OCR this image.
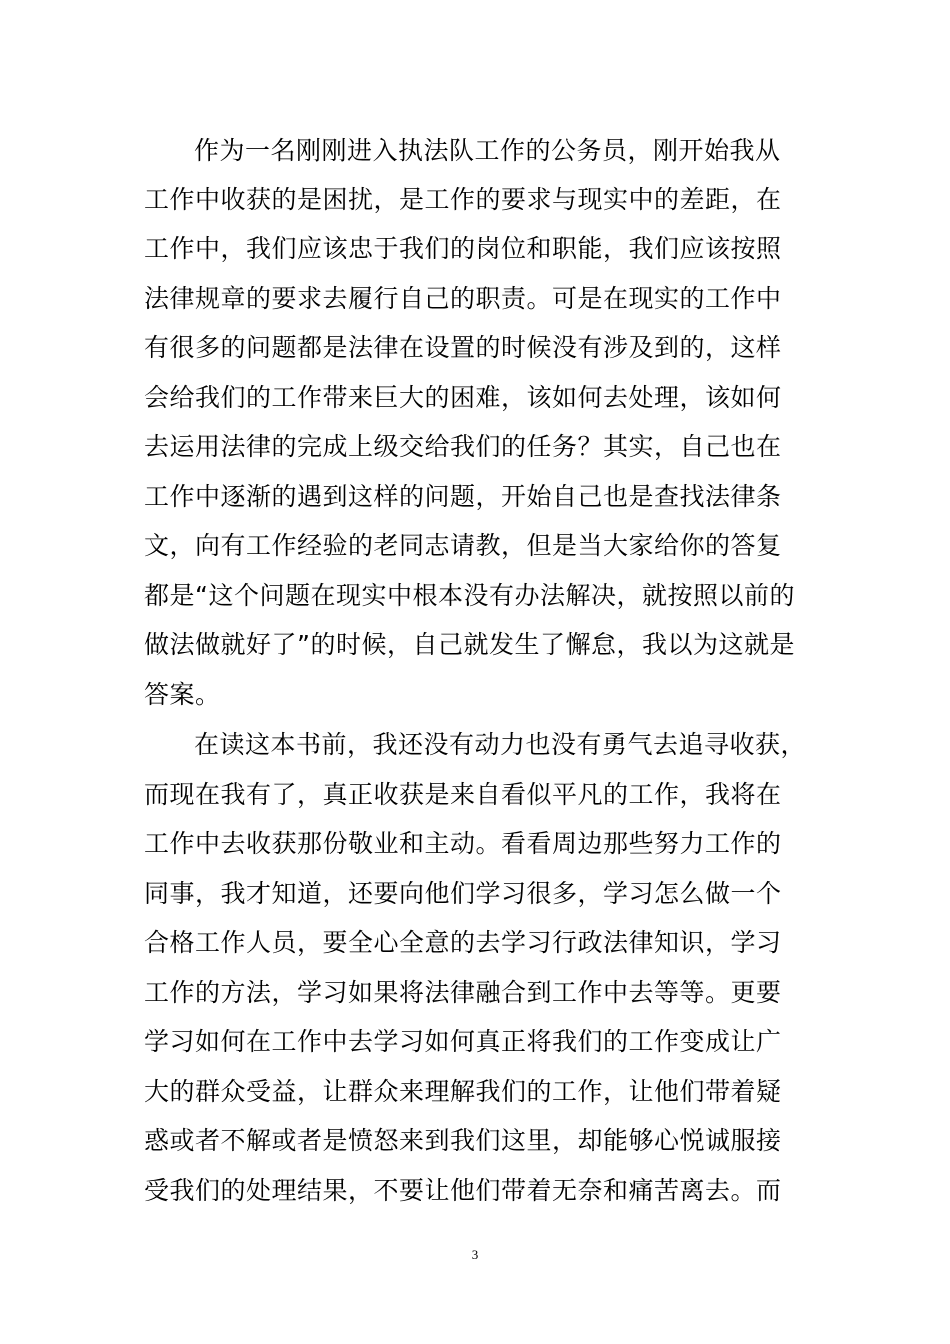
作为一名刚刚进入执法队工作的公务员，刚开始我从
工作中收获的是困扰，是工作的要求与现实中的差距，在
工作中，我们应该忠于我们的岗位和职能，我们应该按照
法律规章的要求去履行自己的职责。可是在现实的工作中
有很多的问题都是法律在设置的时候没有涉及到的，这样
会给我们的工作带来巨大的困难，该如何去处理，该如何
去运用法律的完成上级交给我们的任务？其实，自己也在
工作中逐渐的遇到这样的问题，开始自己也是查找法律条
文，向有工作经验的老同志请教，但是当大家给你的答复
都是“这个问题在现实中根本没有办法解决，就按照以前的
做法做就好了”的时候，自己就发生了懈怠，我以为这就是
答案。
在读这本书前，我还没有动力也没有勇气去追寻收获，
而现在我有了，真正收获是来自看似平凡的工作，我将在
工作中去收获那份敬业和主动。看看周边那些努力工作的
同事，我才知道，还要向他们学习很多，学习怎么做一个
合格工作人员，要全心全意的去学习行政法律知识，学习
工作的方法，学习如果将法律融合到工作中去等等。更要
学习如何在工作中去学习如何真正将我们的工作变成让广
大的群众受益，让群众来理解我们的工作，让他们带着疑
惑或者不解或者是愤怒来到我们这里，却能够心悦诚服接
受我们的处理结果，不要让他们带着无奈和痛苦离去。而
3
